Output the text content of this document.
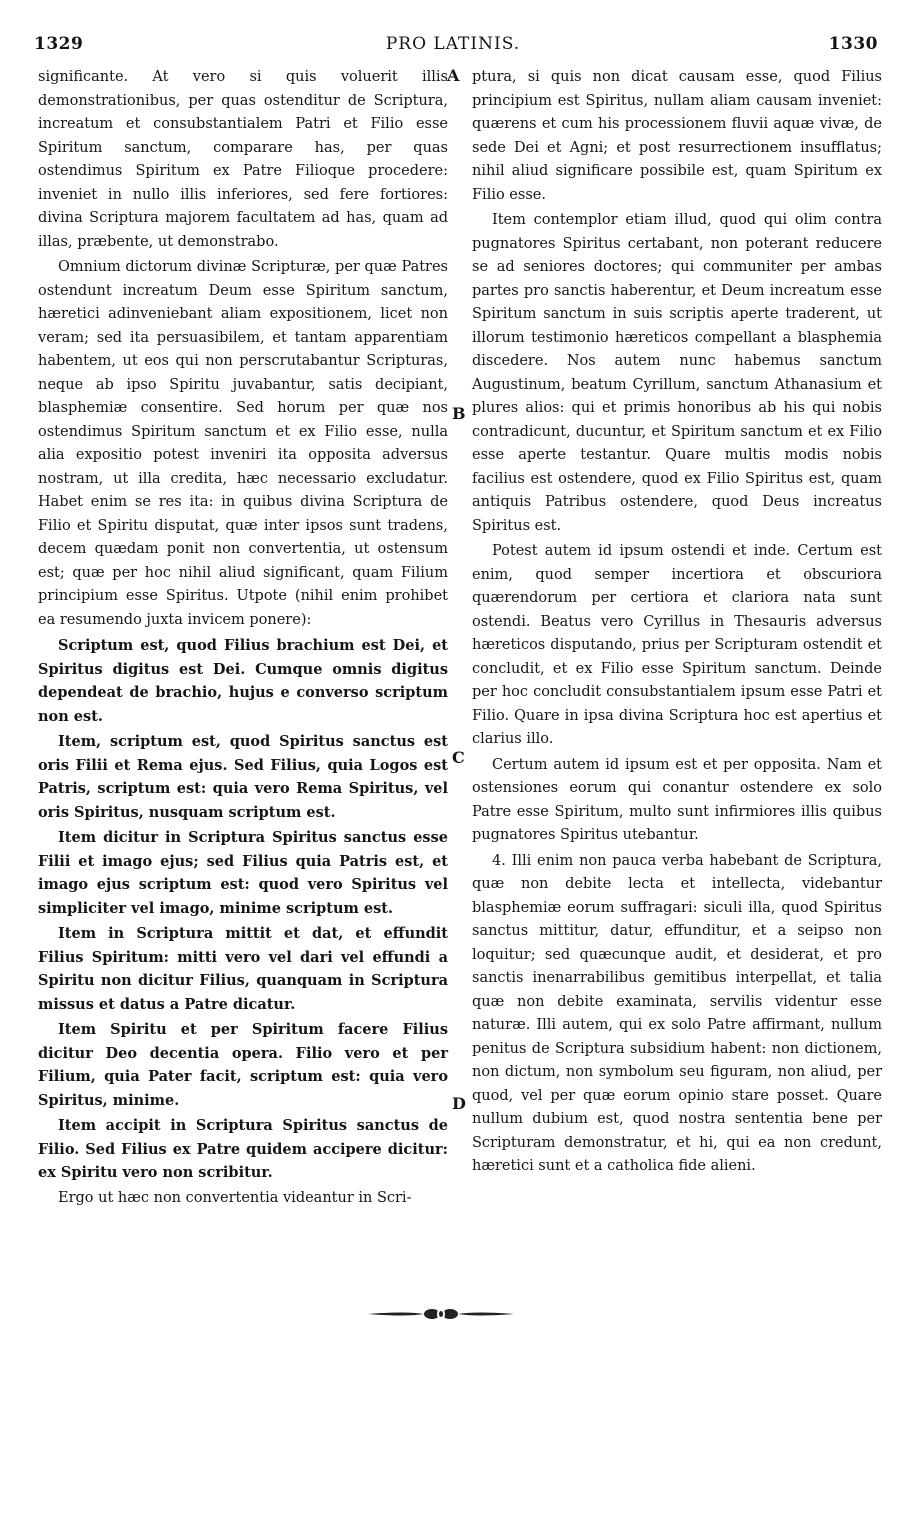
1329	PRO LATINIS.	1330

significante. At vero si quis voluerit illis demonstrationibus, per quas ostenditur de Scriptura, increatum et consubstantialem Patri et Filio esse Spiritum sanctum, comparare has, per quas ostendimus Spiritum ex Patre Filioque procedere: inveniet in nullo illis inferiores, sed fere fortiores: divina Scriptura majorem facultatem ad has, quam ad illas, præbente, ut demonstrabo.

Omnium dictorum divinæ Scripturæ, per quæ Patres ostendunt increatum Deum esse Spiritum sanctum, hæretici adinveniebant aliam expositionem, licet non veram; sed ita persuasibilem, et tantam apparentiam habentem, ut eos qui non perscrutabantur Scripturas, neque ab ipso Spiritu juvabantur, satis decipiant, blasphemiæ consentire. Sed horum per quæ nos ostendimus Spiritum sanctum et ex Filio esse, nulla alia expositio potest inveniri ita opposita adversus nostram, ut illa credita, hæc necessario excludatur. Habet enim se res ita: in quibus divina Scriptura de Filio et Spiritu disputat, quæ inter ipsos sunt tradens, decem quædam ponit non convertentia, ut ostensum est; quæ per hoc nihil aliud significant, quam Filium principium esse Spiritus. Utpote (nihil enim prohibet ea resumendo juxta invicem ponere):

Scriptum est, quod Filius brachium est Dei, et Spiritus digitus est Dei. Cumque omnis digitus dependeat de brachio, hujus e converso scriptum non est.

Item, scriptum est, quod Spiritus sanctus est oris Filii et Rema ejus. Sed Filius, quia Logos est Patris, scriptum est: quia vero Rema Spiritus, vel oris Spiritus, nusquam scriptum est.

Item dicitur in Scriptura Spiritus sanctus esse Filii et imago ejus; sed Filius quia Patris est, et imago ejus scriptum est: quod vero Spiritus vel simpliciter vel imago, minime scriptum est.

Item in Scriptura mittit et dat, et effundit Filius Spiritum: mitti vero vel dari vel effundi a Spiritu non dicitur Filius, quanquam in Scriptura missus et datus a Patre dicatur.

Item Spiritu et per Spiritum facere Filius dicitur Deo decentia opera. Filio vero et per Filium, quia Pater facit, scriptum est: quia vero Spiritus, minime.

Item accipit in Scriptura Spiritus sanctus de Filio. Sed Filius ex Patre quidem accipere dicitur: ex Spiritu vero non scribitur.

Ergo ut hæc non convertentia videantur in Scri-

A
B
C
D

ptura, si quis non dicat causam esse, quod Filius principium est Spiritus, nullam aliam causam inveniet: quærens et cum his processionem fluvii aquæ vivæ, de sede Dei et Agni; et post resurrectionem insufflatus; nihil aliud significare possibile est, quam Spiritum ex Filio esse.

Item contemplor etiam illud, quod qui olim contra pugnatores Spiritus certabant, non poterant reducere se ad seniores doctores; qui communiter per ambas partes pro sanctis haberentur, et Deum increatum esse Spiritum sanctum in suis scriptis aperte traderent, ut illorum testimonio hæreticos compellant a blasphemia discedere. Nos autem nunc habemus sanctum Augustinum, beatum Cyrillum, sanctum Athanasium et plures alios: qui et primis honoribus ab his qui nobis contradicunt, ducuntur, et Spiritum sanctum et ex Filio esse aperte testantur. Quare multis modis nobis facilius est ostendere, quod ex Filio Spiritus est, quam antiquis Patribus ostendere, quod Deus increatus Spiritus est.

Potest autem id ipsum ostendi et inde. Certum est enim, quod semper incertiora et obscuriora quærendorum per certiora et clariora nata sunt ostendi. Beatus vero Cyrillus in Thesauris adversus hæreticos disputando, prius per Scripturam ostendit et concludit, et ex Filio esse Spiritum sanctum. Deinde per hoc concludit consubstantialem ipsum esse Patri et Filio. Quare in ipsa divina Scriptura hoc est apertius et clarius illo.

Certum autem id ipsum est et per opposita. Nam et ostensiones eorum qui conantur ostendere ex solo Patre esse Spiritum, multo sunt infirmiores illis quibus pugnatores Spiritus utebantur.

4. Illi enim non pauca verba habebant de Scriptura, quæ non debite lecta et intellecta, videbantur blasphemiæ eorum suffragari: siculi illa, quod Spiritus sanctus mittitur, datur, effunditur, et a seipso non loquitur; sed quæcunque audit, et desiderat, et pro sanctis inenarrabilibus gemitibus interpellat, et talia quæ non debite examinata, servilis videntur esse naturæ. Illi autem, qui ex solo Patre affirmant, nullum penitus de Scriptura subsidium habent: non dictionem, non dictum, non symbolum seu figuram, non aliud, per quod, vel per quæ eorum opinio stare posset. Quare nullum dubium est, quod nostra sententia bene per Scripturam demonstratur, et hi, qui ea non credunt, hæretici sunt et a catholica fide alieni.
